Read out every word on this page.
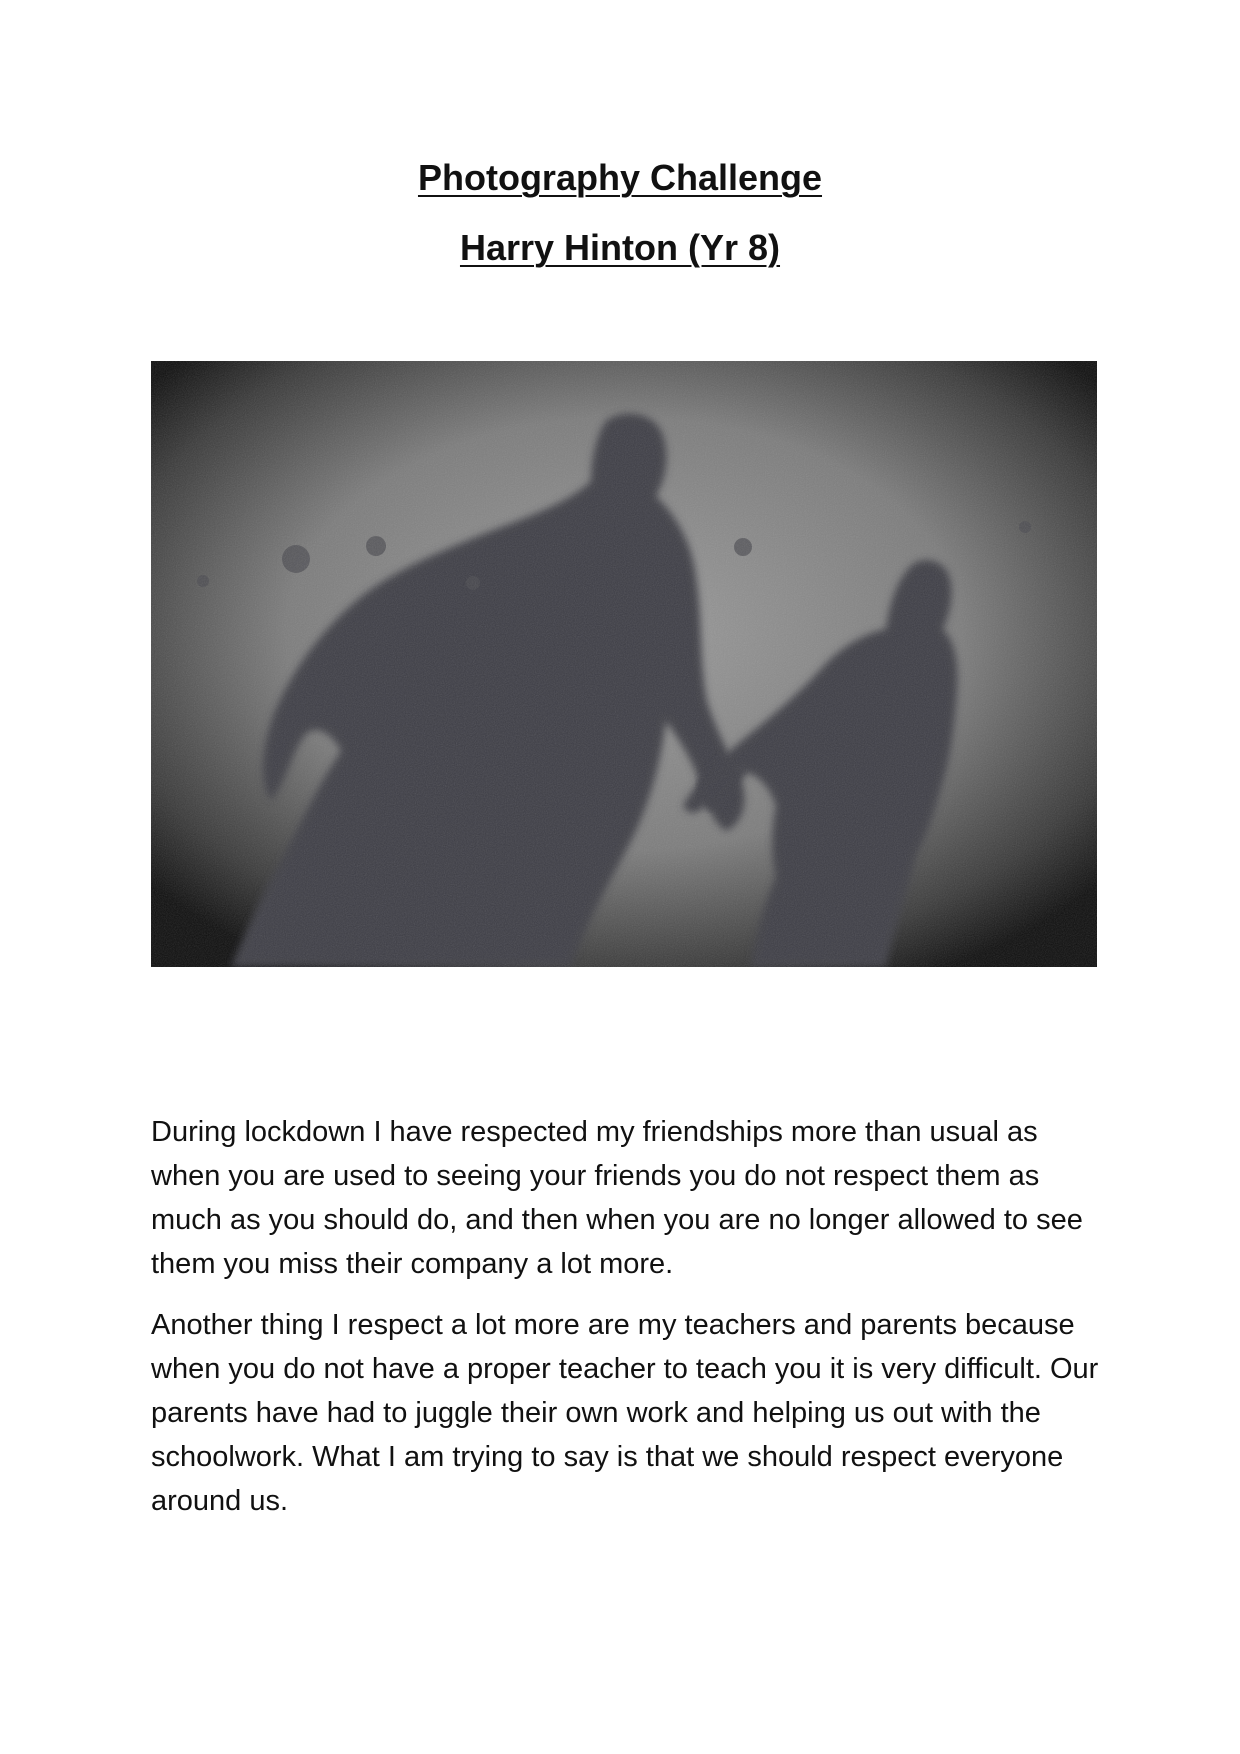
Photography Challenge
Harry Hinton (Yr 8)

During lockdown I have respected my friendships more than usual as when you are used to seeing your friends you do not respect them as much as you should do, and then when you are no longer allowed to see them you miss their company a lot more.

Another thing I respect a lot more are my teachers and parents because when you do not have a proper teacher to teach you it is very difficult. Our parents have had to juggle their own work and helping us out with the schoolwork. What I am trying to say is that we should respect everyone around us.
